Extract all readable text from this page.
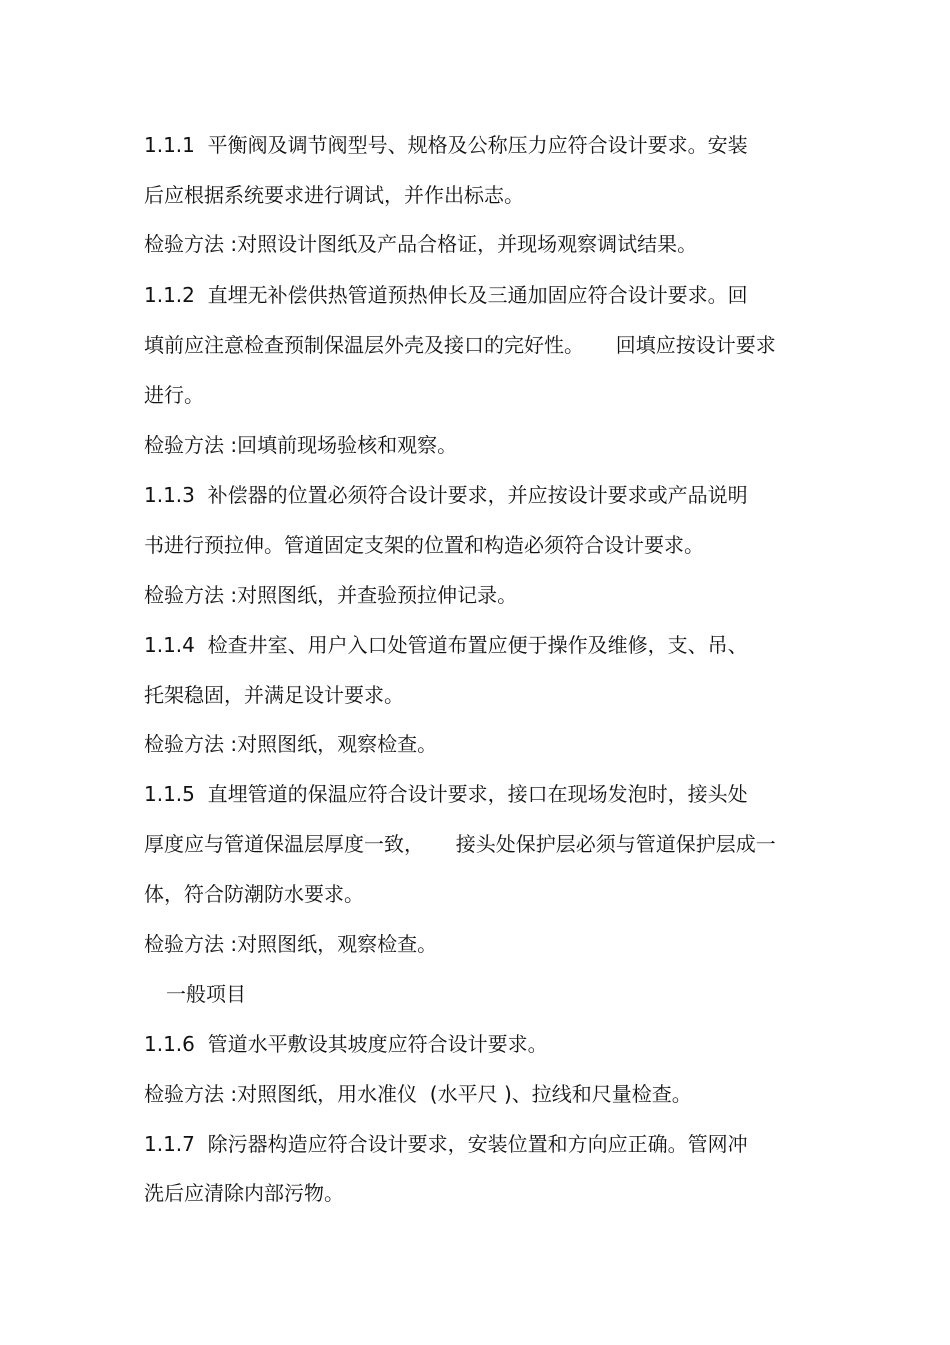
1.1.1  平衡阀及调节阀型号、规格及公称压力应符合设计要求。安装
后应根据系统要求进行调试，并作出标志。
检验方法 :对照设计图纸及产品合格证，并现场观察调试结果。
1.1.2  直埋无补偿供热管道预热伸长及三通加固应符合设计要求。回
填前应注意检查预制保温层外壳及接口的完好性。     回填应按设计要求
进行。
检验方法 :回填前现场验核和观察。
1.1.3  补偿器的位置必须符合设计要求，并应按设计要求或产品说明
书进行预拉伸。管道固定支架的位置和构造必须符合设计要求。
检验方法 :对照图纸，并查验预拉伸记录。
1.1.4  检查井室、用户入口处管道布置应便于操作及维修，支、吊、
托架稳固，并满足设计要求。
检验方法 :对照图纸，观察检查。
1.1.5  直埋管道的保温应符合设计要求，接口在现场发泡时，接头处
厚度应与管道保温层厚度一致，     接头处保护层必须与管道保护层成一
体，符合防潮防水要求。
检验方法 :对照图纸，观察检查。
一般项目
1.1.6  管道水平敷设其坡度应符合设计要求。
检验方法 :对照图纸，用水准仪  (水平尺 )、拉线和尺量检查。
1.1.7  除污器构造应符合设计要求，安装位置和方向应正确。管网冲
洗后应清除内部污物。
